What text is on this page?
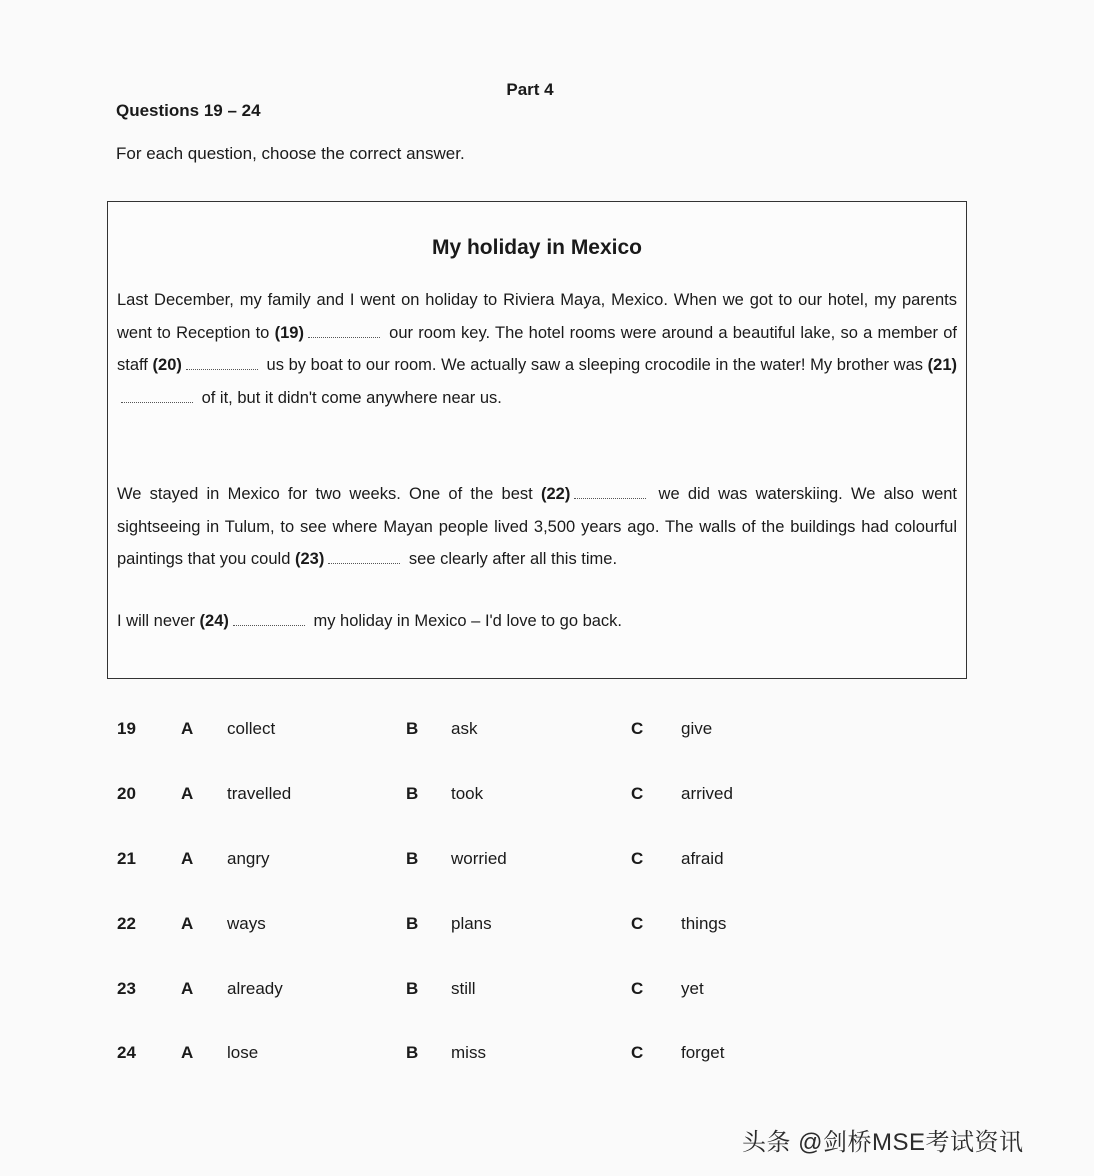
Part 4
Questions 19 – 24
For each question, choose the correct answer.
My holiday in Mexico
Last December, my family and I went on holiday to Riviera Maya, Mexico. When we got to our hotel, my parents went to Reception to (19)	our room key. The hotel rooms were around a beautiful lake, so a member of staff (20)	us by boat to our room. We actually saw a sleeping crocodile in the water! My brother was (21) of it, but it didn't come anywhere near us.
We stayed in Mexico for two weeks. One of the best (22)	we did was waterskiing. We also went sightseeing in Tulum, to see where Mayan people lived 3,500 years ago. The walls of the buildings had colourful paintings that you could (23)	see clearly after all this time.
I will never (24)	my holiday in Mexico – I'd love to go back.
19	A collect	B ask	C give
20	A travelled	B took	C arrived
21	A angry	B worried	C afraid
22	A ways	B plans	C things
23	A already	B still	C yet
24	A lose	B miss	C forget
头条 @剑桥MSE考试资讯
